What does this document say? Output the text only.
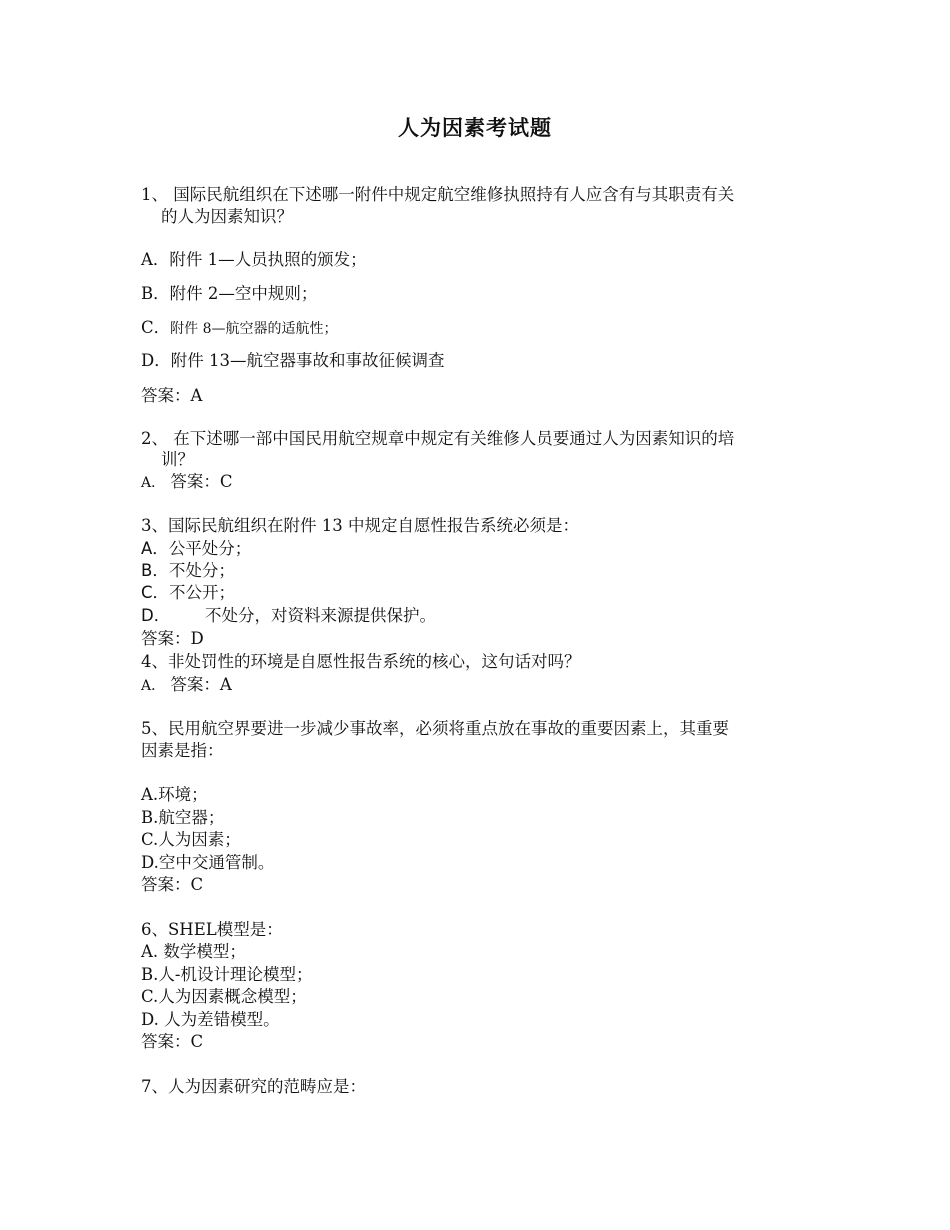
人为因素考试题
1、 国际民航组织在下述哪一附件中规定航空维修执照持有人应含有与其职责有关
的人为因素知识？
A．附件 1—人员执照的颁发；
B．附件 2—空中规则；
C．附件 8—航空器的适航性；
D．附件 13—航空器事故和事故征候调查
答案：A
2、 在下述哪一部中国民用航空规章中规定有关维修人员要通过人为因素知识的培
训？
A． 答案：C
3、国际民航组织在附件 13 中规定自愿性报告系统必须是：
A．公平处分；
B．不处分；
C．不公开；
D． 不处分，对资料来源提供保护。
答案：D
4、非处罚性的环境是自愿性报告系统的核心，这句话对吗？
A． 答案：A
5、民用航空界要进一步减少事故率，必须将重点放在事故的重要因素上，其重要
因素是指：
A.环境；
B.航空器；
C.人为因素；
D.空中交通管制。
答案：C
6、SHEL模型是：
A. 数学模型；
B.人-机设计理论模型；
C.人为因素概念模型；
D. 人为差错模型。
答案：C
7、人为因素研究的范畴应是：
